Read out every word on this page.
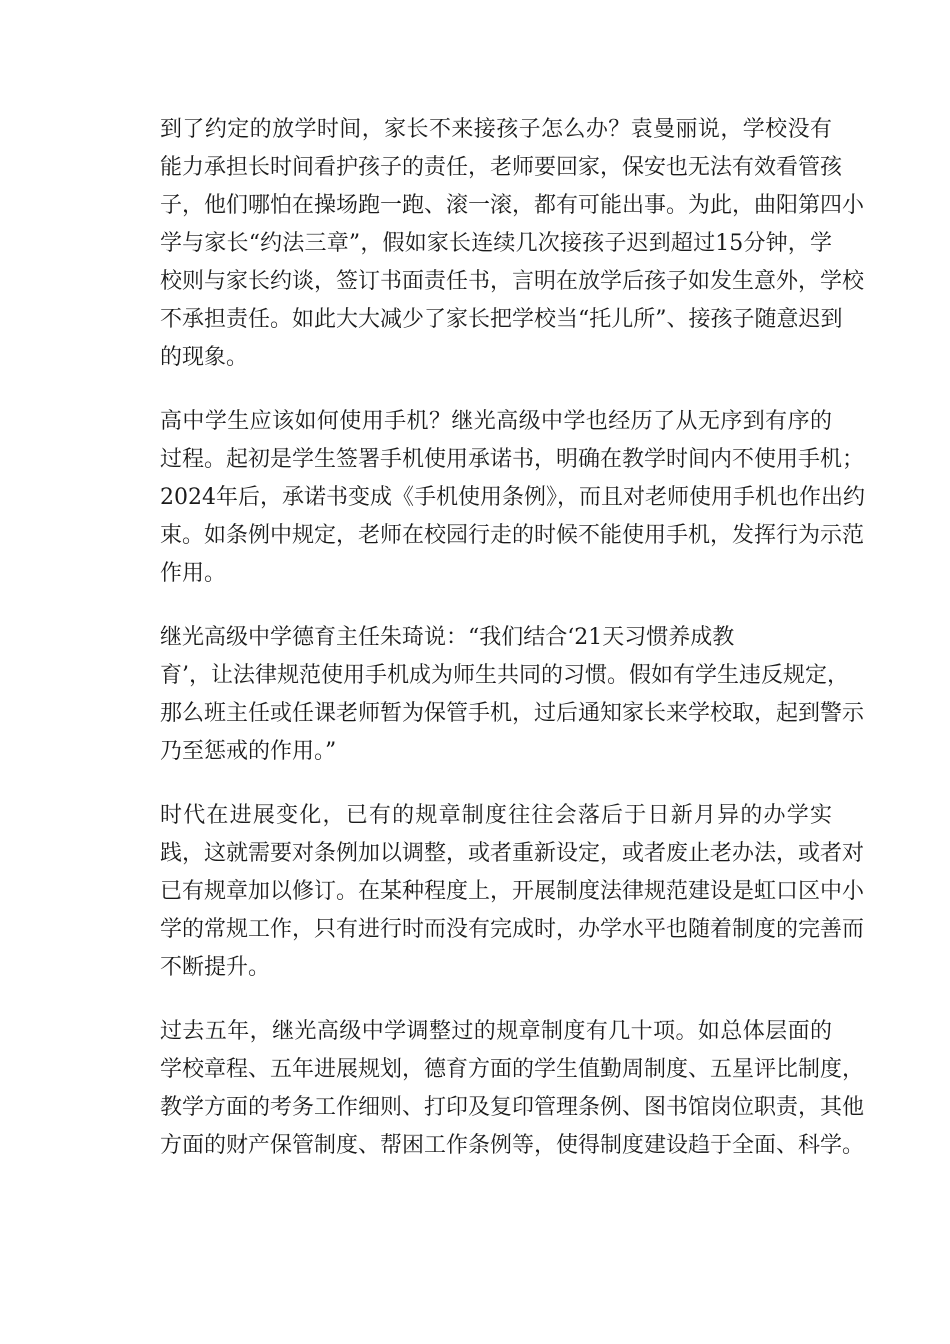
到了约定的放学时间，家长不来接孩子怎么办？袁曼丽说，学校没有
能力承担长时间看护孩子的责任，老师要回家，保安也无法有效看管孩
子，他们哪怕在操场跑一跑、滚一滚，都有可能出事。为此，曲阳第四小
学与家长“约法三章”，假如家长连续几次接孩子迟到超过15分钟，学
校则与家长约谈，签订书面责任书，言明在放学后孩子如发生意外，学校
不承担责任。如此大大减少了家长把学校当“托儿所”、接孩子随意迟到
的现象。

高中学生应该如何使用手机？继光高级中学也经历了从无序到有序的
过程。起初是学生签署手机使用承诺书，明确在教学时间内不使用手机；
2024年后，承诺书变成《手机使用条例》，而且对老师使用手机也作出约
束。如条例中规定，老师在校园行走的时候不能使用手机，发挥行为示范
作用。

继光高级中学德育主任朱琦说：“我们结合‘21天习惯养成教
育’，让法律规范使用手机成为师生共同的习惯。假如有学生违反规定，
那么班主任或任课老师暂为保管手机，过后通知家长来学校取，起到警示
乃至惩戒的作用。”

时代在进展变化，已有的规章制度往往会落后于日新月异的办学实
践，这就需要对条例加以调整，或者重新设定，或者废止老办法，或者对
已有规章加以修订。在某种程度上，开展制度法律规范建设是虹口区中小
学的常规工作，只有进行时而没有完成时，办学水平也随着制度的完善而
不断提升。

过去五年，继光高级中学调整过的规章制度有几十项。如总体层面的
学校章程、五年进展规划，德育方面的学生值勤周制度、五星评比制度，
教学方面的考务工作细则、打印及复印管理条例、图书馆岗位职责，其他
方面的财产保管制度、帮困工作条例等，使得制度建设趋于全面、科学。
